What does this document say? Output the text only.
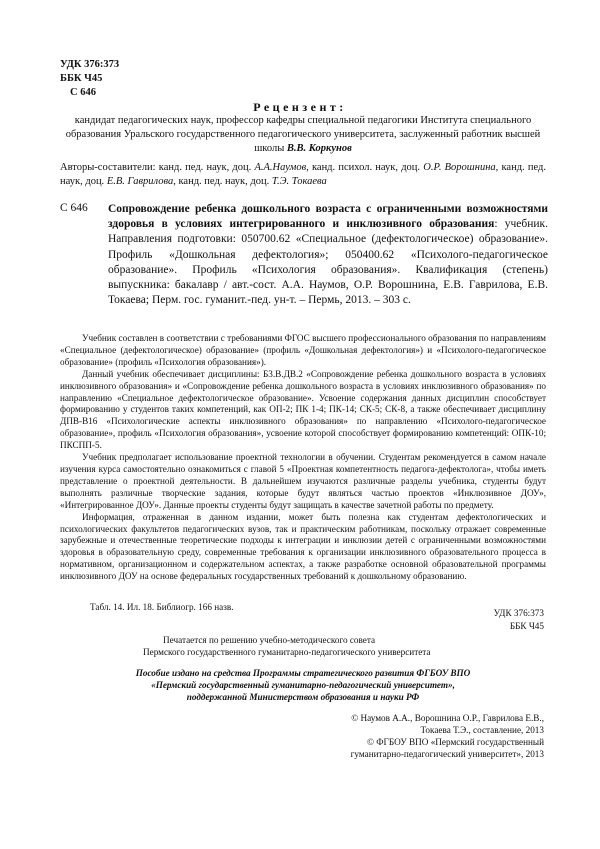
УДК 376:373
ББК Ч45
С 646
Рецензент:
кандидат педагогических наук, профессор кафедры специальной педагогики Института специального образования Уральского государственного педагогического университета, заслуженный работник высшей школы В.В. Коркунов
Авторы-составители: канд. пед. наук, доц. А.А.Наумов, канд. психол. наук, доц. О.Р. Ворошнина, канд. пед. наук, доц. Е.В. Гаврилова, канд. пед. наук, доц. Т.Э. Токаева
С 646 Сопровождение ребенка дошкольного возраста с ограниченными возможностями здоровья в условиях интегрированного и инклюзивного образования: учебник. Направления подготовки: 050700.62 «Специальное (дефектологическое) образование». Профиль «Дошкольная дефектология»; 050400.62 «Психолого-педагогическое образование». Профиль «Психология образования». Квалификация (степень) выпускника: бакалавр / авт.-сост. А.А. Наумов, О.Р. Ворошнина, Е.В. Гаврилова, Е.В. Токаева; Перм. гос. гуманит.-пед. ун-т. – Пермь, 2013. – 303 с.

Учебник составлен в соответствии с требованиями ФГОС высшего профессионального образования по направлениям «Специальное (дефектологическое) образование» (профиль «Дошкольная дефектология») и «Психолого-педагогическое образование» (профиль «Психология образования»).

Данный учебник обеспечивает дисциплины: Б3.В.ДВ.2 «Сопровождение ребенка дошкольного возраста в условиях инклюзивного образования» и «Сопровождение ребенка дошкольного возраста в условиях инклюзивного образования» по направлению «Специальное дефектологическое образование». Усвоение содержания данных дисциплин способствует формированию у студентов таких компетенций, как ОП-2; ПК 1-4; ПК-14; СК-5; СК-8, а также обеспечивает дисциплину ДПВ-В16 «Психологические аспекты инклюзивного образования» по направлению «Психолого-педагогическое образование», профиль «Психология образования», усвоение которой способствует формированию компетенций: ОПК-10; ПКСПП-5.

Учебник предполагает использование проектной технологии в обучении. Студентам рекомендуется в самом начале изучения курса самостоятельно ознакомиться с главой 5 «Проектная компетентность педагога-дефектолога», чтобы иметь представление о проектной деятельности. В дальнейшем изучаются различные разделы учебника, студенты будут выполнять различные творческие задания, которые будут являться частью проектов «Инклюзивное ДОУ», «Интегрированное ДОУ». Данные проекты студенты будут защищать в качестве зачетной работы по предмету.

Информация, отраженная в данном издании, может быть полезна как студентам дефектологических и психологических факультетов педагогических вузов, так и практическим работникам, поскольку отражает современные зарубежные и отечественные теоретические подходы к интеграции и инклюзии детей с ограниченными возможностями здоровья в образовательную среду, современные требования к организации инклюзивного образовательного процесса в нормативном, организационном и содержательном аспектах, а также разработке основной образовательной программы инклюзивного ДОУ на основе федеральных государственных требований к дошкольному образованию.

Табл. 14. Ил. 18. Библиогр. 166 назв.
УДК 376:373
ББК Ч45
Печатается по решению учебно-методического совета
Пермского государственного гуманитарно-педагогического университета
Пособие издано на средства Программы стратегического развития ФГБОУ ВПО
«Пермский государственный гуманитарно-педагогический университет»,
поддержанной Министерством образования и науки РФ
© Наумов А.А., Ворошнина О.Р., Гаврилова Е.В.,
Токаева Т.Э., составление, 2013
© ФГБОУ ВПО «Пермский государственный
гуманитарно-педагогический университет», 2013
